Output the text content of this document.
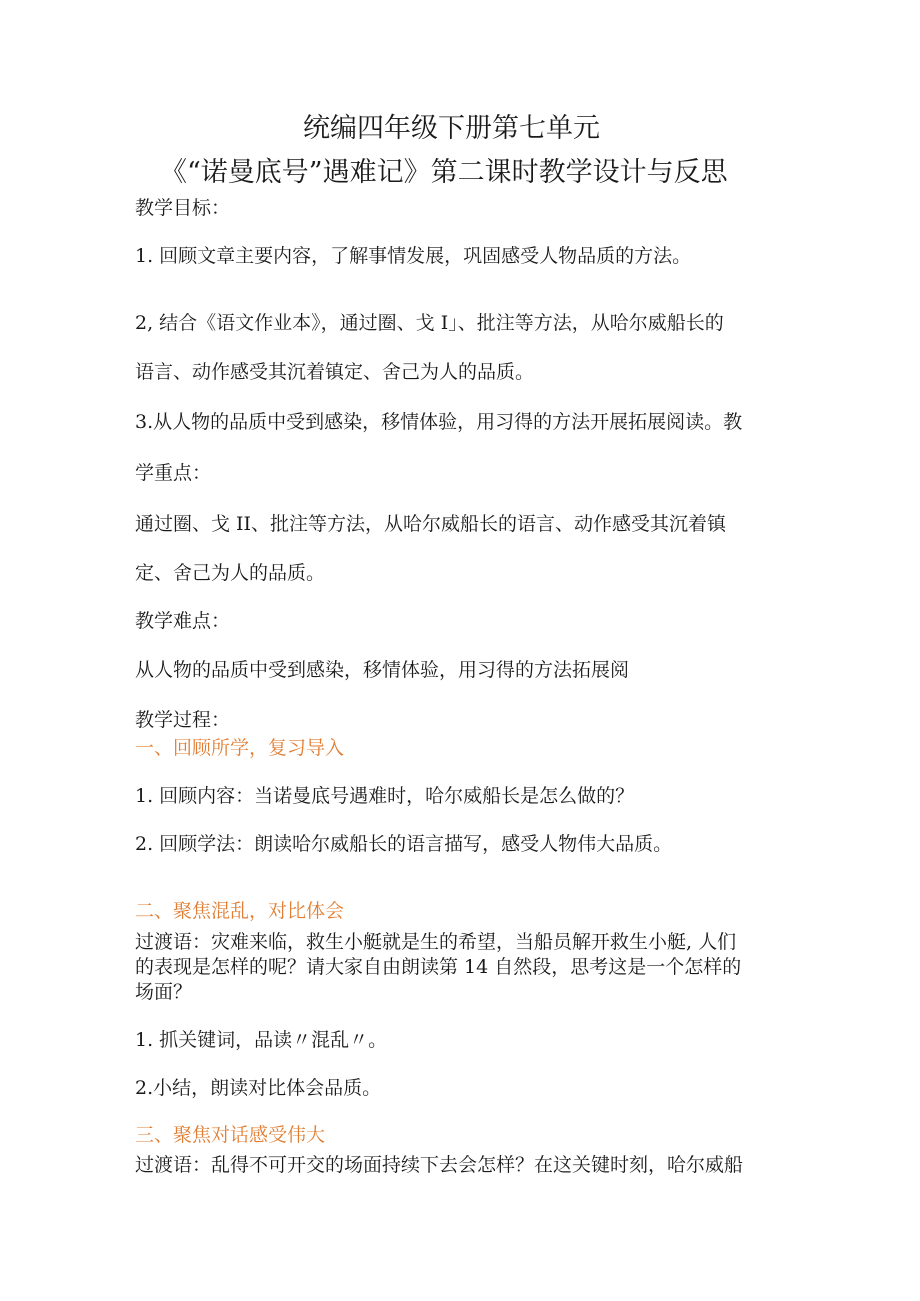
统编四年级下册第七单元
《“诺曼底号”遇难记》第二课时教学设计与反思
教学目标：
1. 回顾文章主要内容，了解事情发展，巩固感受人物品质的方法。
2, 结合《语文作业本》，通过圈、戈 I」、批注等方法，从哈尔威船长的
语言、动作感受其沉着镇定、舍己为人的品质。
3.从人物的品质中受到感染，移情体验，用习得的方法开展拓展阅读。教
学重点：
通过圈、戈 II、批注等方法，从哈尔威船长的语言、动作感受其沉着镇
定、舍己为人的品质。
教学难点：
从人物的品质中受到感染，移情体验，用习得的方法拓展阅
教学过程：
一、回顾所学，复习导入
1. 回顾内容：当诺曼底号遇难时，哈尔威船长是怎么做的？
2. 回顾学法：朗读哈尔威船长的语言描写，感受人物伟大品质。
二、聚焦混乱，对比体会
过渡语：灾难来临，救生小艇就是生的希望，当船员解开救生小艇, 人们
的表现是怎样的呢？请大家自由朗读第 14 自然段，思考这是一个怎样的
场面？
1. 抓关键词，品读〃混乱〃。
2.小结，朗读对比体会品质。
三、聚焦对话感受伟大
过渡语：乱得不可开交的场面持续下去会怎样？在这关键时刻，哈尔威船
